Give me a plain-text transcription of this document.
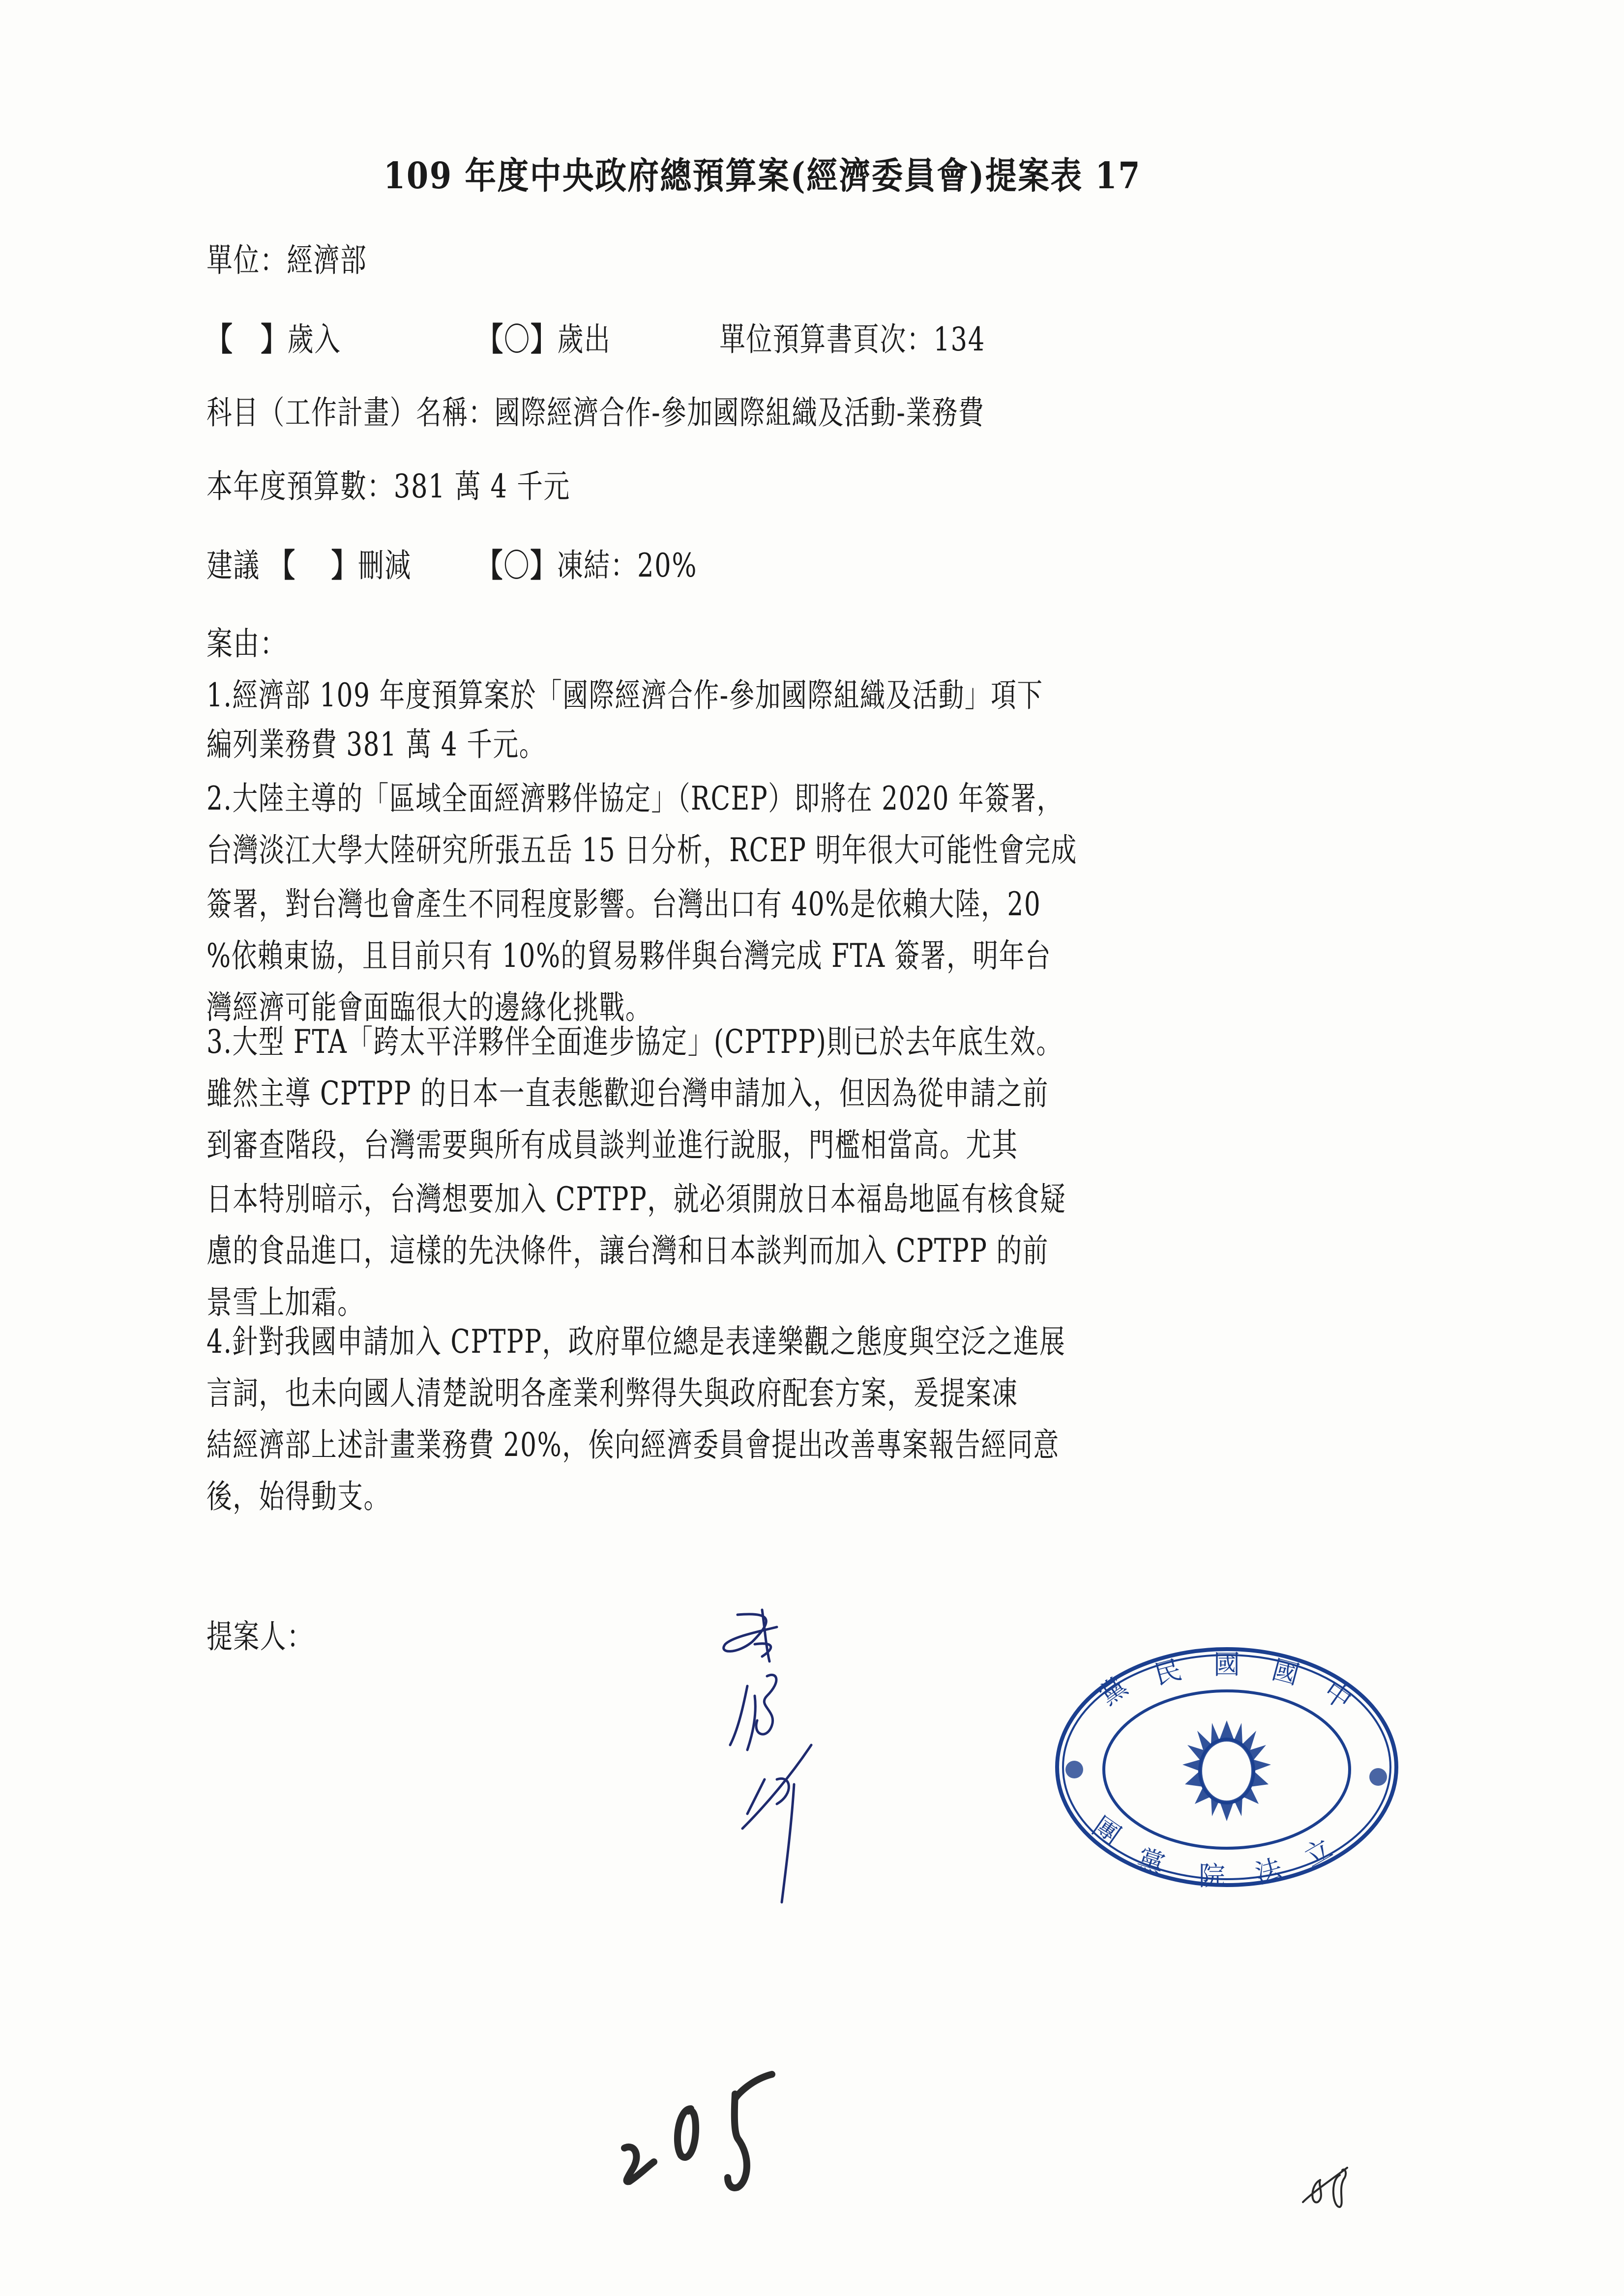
109 年度中央政府總預算案(經濟委員會)提案表 17
單位：經濟部
【 】歲入	【〇】歲出	單位預算書頁次：134
科目（工作計畫）名稱：國際經濟合作-參加國際組織及活動-業務費
本年度預算數：381 萬 4 千元
建議 【 】刪減 【〇】凍結：20%
案由：
1.經濟部 109 年度預算案於「國際經濟合作-參加國際組織及活動」項下
編列業務費 381 萬 4 千元。
2.大陸主導的「區域全面經濟夥伴協定」（RCEP）即將在 2020 年簽署，
台灣淡江大學大陸研究所張五岳 15 日分析，RCEP 明年很大可能性會完成
簽署，對台灣也會產生不同程度影響。台灣出口有 40%是依賴大陸，20
%依賴東協，且目前只有 10%的貿易夥伴與台灣完成 FTA 簽署，明年台
灣經濟可能會面臨很大的邊緣化挑戰。
3.大型 FTA「跨太平洋夥伴全面進步協定」(CPTPP)則已於去年底生效。
雖然主導 CPTPP 的日本一直表態歡迎台灣申請加入，但因為從申請之前
到審查階段，台灣需要與所有成員談判並進行說服，門檻相當高。尤其
日本特別暗示，台灣想要加入 CPTPP，就必須開放日本福島地區有核食疑
慮的食品進口，這樣的先決條件，讓台灣和日本談判而加入 CPTPP 的前
景雪上加霜。
4.針對我國申請加入 CPTPP，政府單位總是表達樂觀之態度與空泛之進展
言詞，也未向國人清楚說明各產業利弊得失與政府配套方案，爰提案凍
結經濟部上述計畫業務費 20%，俟向經濟委員會提出改善專案報告經同意
後，始得動支。
提案人：
黨 民 國 國
中
團
黨 院 法 立
